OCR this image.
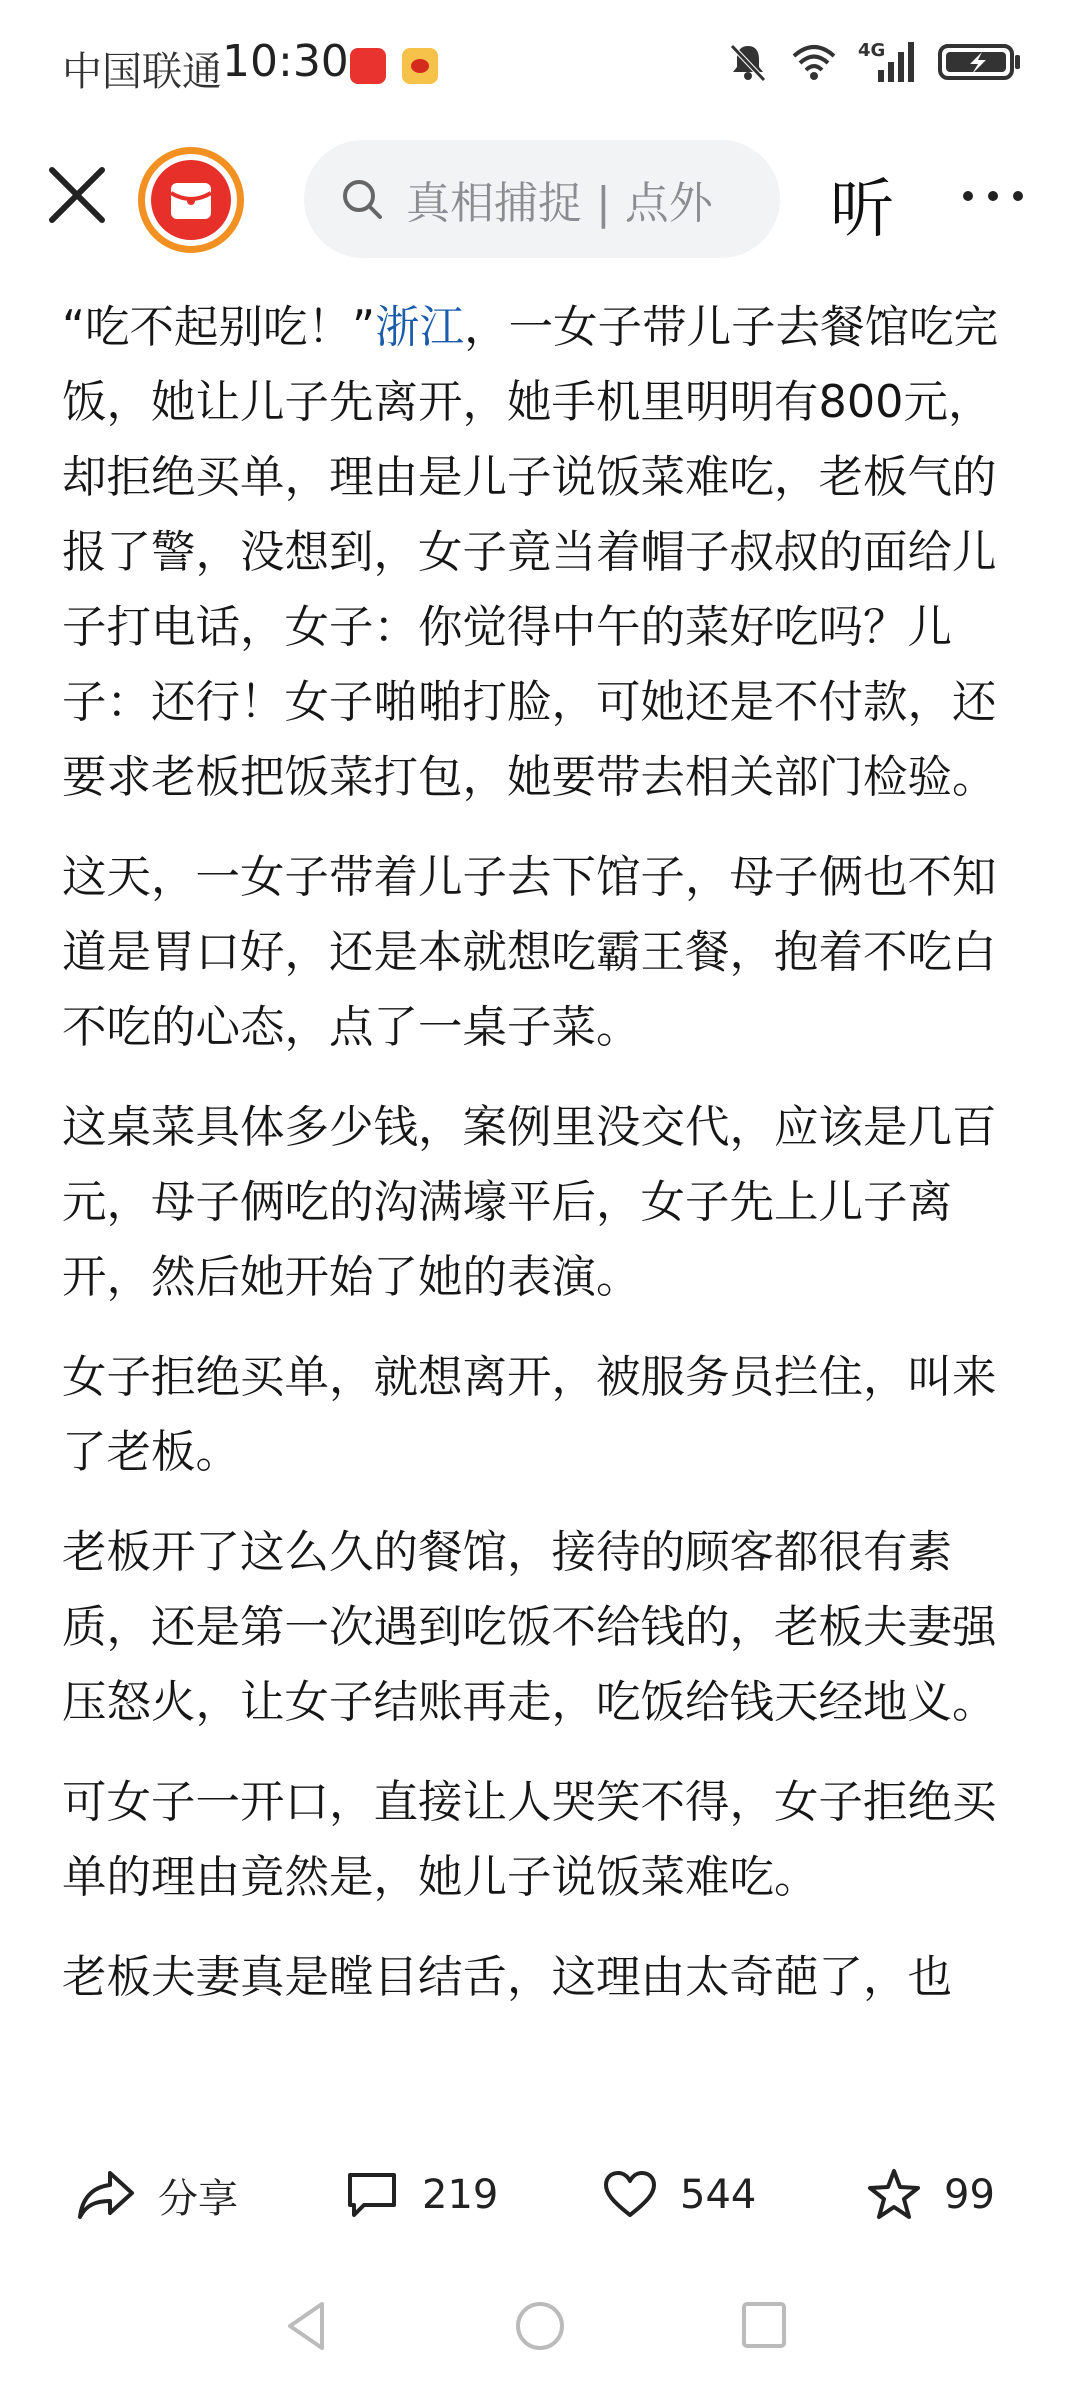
中国联通 10:30	4G
真相捕捉 | 点外 听

“吃不起别吃！”浙江，一女子带儿子去餐馆吃完饭，她让儿子先离开，她手机里明明有800元，却拒绝买单，理由是儿子说饭菜难吃，老板气的报了警，没想到，女子竟当着帽子叔叔的面给儿子打电话，女子：你觉得中午的菜好吃吗？儿子：还行！女子啪啪打脸，可她还是不付款，还要求老板把饭菜打包，她要带去相关部门检验。

这天，一女子带着儿子去下馆子，母子俩也不知道是胃口好，还是本就想吃霸王餐，抱着不吃白不吃的心态，点了一桌子菜。

这桌菜具体多少钱，案例里没交代，应该是几百元，母子俩吃的沟满壕平后，女子先上儿子离开，然后她开始了她的表演。

女子拒绝买单，就想离开，被服务员拦住，叫来了老板。

老板开了这么久的餐馆，接待的顾客都很有素质，还是第一次遇到吃饭不给钱的，老板夫妻强压怒火，让女子结账再走，吃饭给钱天经地义。

可女子一开口，直接让人哭笑不得，女子拒绝买单的理由竟然是，她儿子说饭菜难吃。

老板夫妻真是瞠目结舌，这理由太奇葩了，也

分享	219	544	99
